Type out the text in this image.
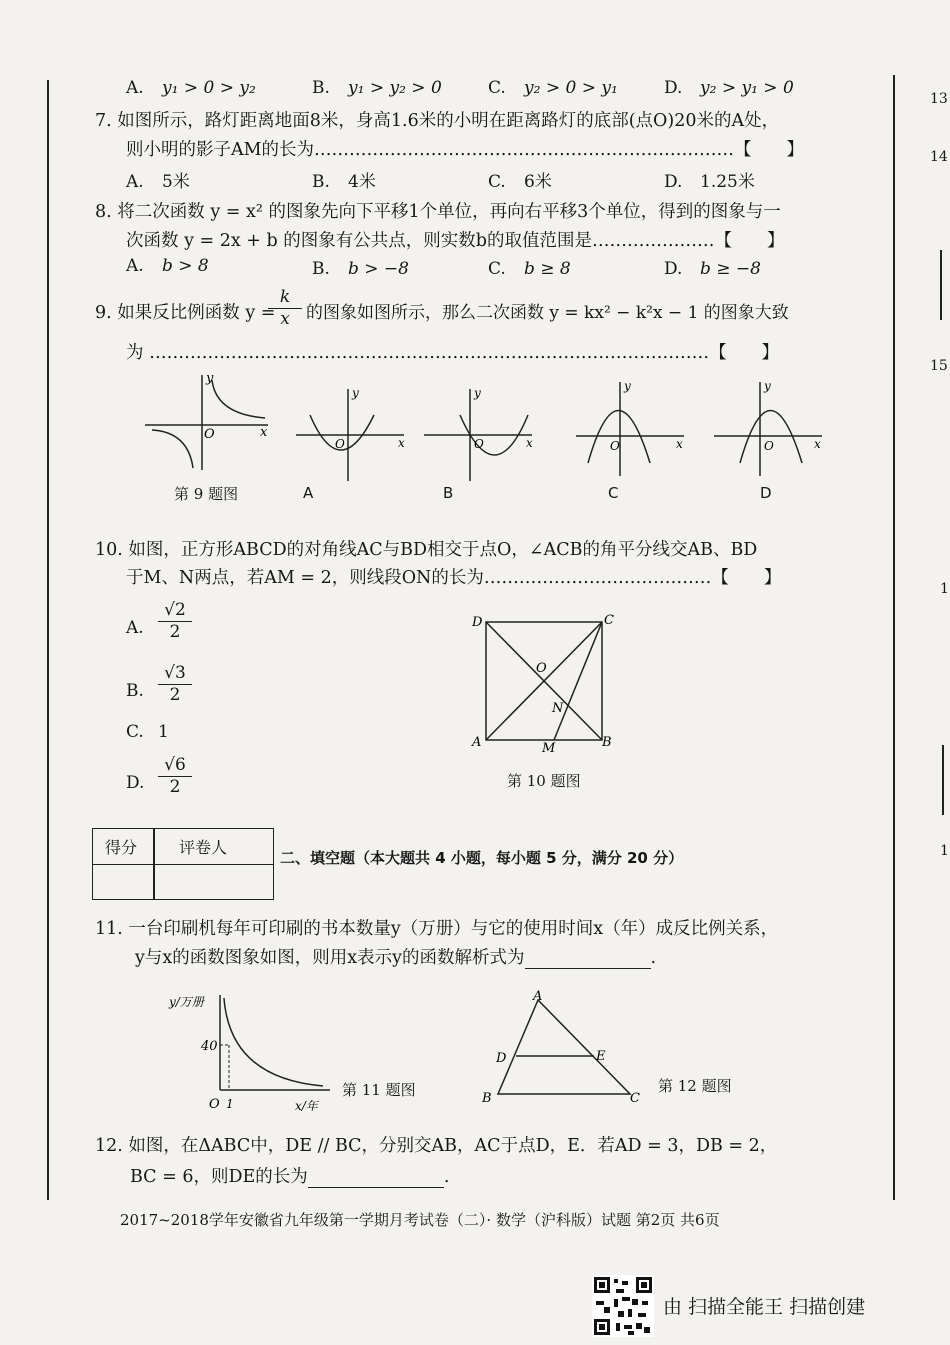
13
14
15
1
1
A. y₁ > 0 > y₂	B. y₁ > y₂ > 0	C. y₂ > 0 > y₁	D. y₂ > y₁ > 0
7. 如图所示，路灯距离地面8米，身高1.6米的小明在距离路灯的底部(点O)20米的A处，
则小明的影子AM的长为………………………………………………………………【　　】
A. 5米	B. 4米	C. 6米	D. 1.25米
8. 将二次函数 y = x² 的图象先向下平移1个单位，再向右平移3个单位，得到的图象与一
次函数 y = 2x + b 的图象有公共点，则实数b的取值范围是…………………【　　】
A. b > 8	B. b > −8	C. b ≥ 8	D. b ≥ −8
9. 如果反比例函数 y =
$\frac{k}{x}$ 的图象如图所示，那么二次函数 y = kx² − k²x − 1 的图象大致
为 ……………………………………………………………………………………【　　】
y
x
O
第 9 题图
y
x
O
A
y
x
O
B
y
x
O
C
y
x
O
D
10. 如图，正方形ABCD的对角线AC与BD相交于点O，∠ACB的角平分线交AB、BD
于M、N两点，若AM = 2，则线段ON的长为…………………………………【　　】
A. $\frac{√2}{2}$
B. $\frac{√3}{2}$
C. 1
D. $\frac{√6}{2}$
D	C
A	B
O
N
M
第 10 题图
得分	评卷人
二、填空题（本大题共 4 小题，每小题 5 分，满分 20 分）
11. 一台印刷机每年可印刷的书本数量y（万册）与它的使用时间x（年）成反比例关系，
y与x的函数图象如图，则用x表示y的函数解析式为	.
y/万册
x/年
40
O 1
第 11 题图
A
B	C
D	E
第 12 题图
12. 如图，在ΔABC中，DE // BC，分别交AB，AC于点D，E．若AD = 3，DB = 2，
BC = 6，则DE的长为	.
2017~2018学年安徽省九年级第一学期月考试卷（二）· 数学（沪科版）试题 第2页 共6页
由 扫描全能王 扫描创建
